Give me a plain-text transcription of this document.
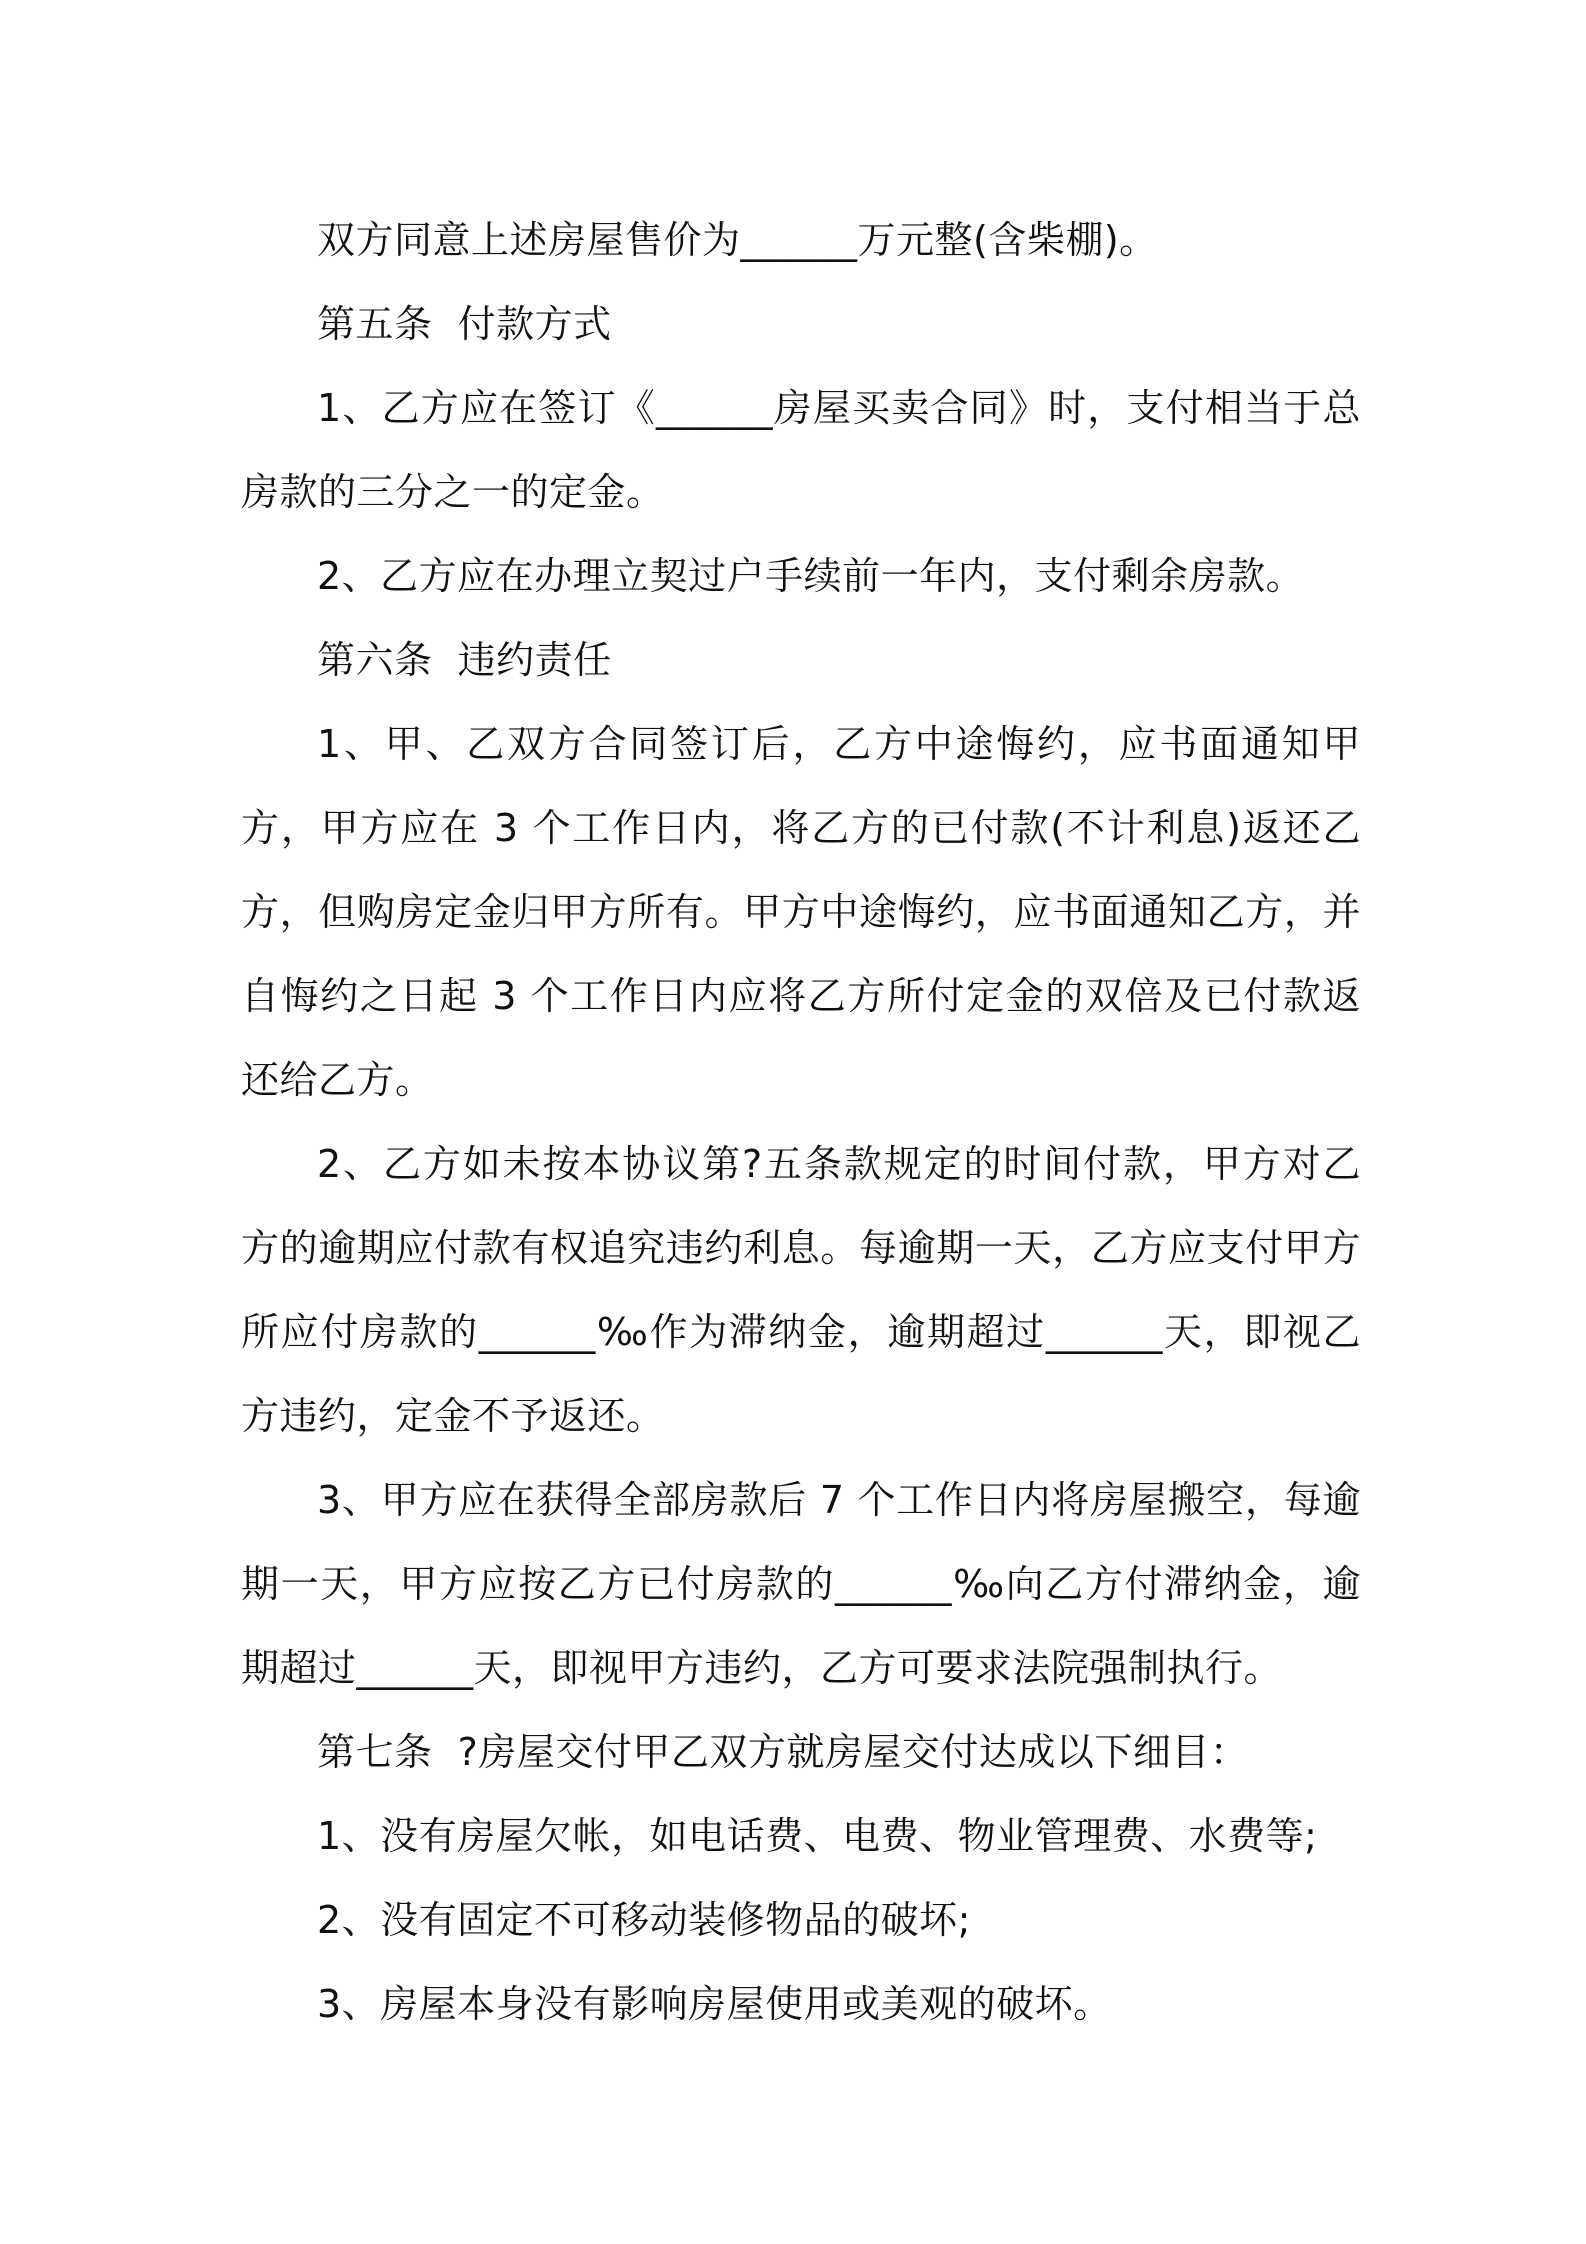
双方同意上述房屋售价为______万元整(含柴棚)。

第五条  付款方式

1、乙方应在签订《______房屋买卖合同》时，支付相当于总房款的三分之一的定金。

2、乙方应在办理立契过户手续前一年内，支付剩余房款。

第六条  违约责任

1、甲、乙双方合同签订后，乙方中途悔约，应书面通知甲方，甲方应在 3 个工作日内，将乙方的已付款(不计利息)返还乙方，但购房定金归甲方所有。甲方中途悔约，应书面通知乙方，并自悔约之日起 3 个工作日内应将乙方所付定金的双倍及已付款返还给乙方。

2、乙方如未按本协议第?五条款规定的时间付款，甲方对乙方的逾期应付款有权追究违约利息。每逾期一天，乙方应支付甲方所应付房款的______‰作为滞纳金，逾期超过______天，即视乙方违约，定金不予返还。

3、甲方应在获得全部房款后 7 个工作日内将房屋搬空，每逾期一天，甲方应按乙方已付房款的______‰向乙方付滞纳金，逾期超过______天，即视甲方违约，乙方可要求法院强制执行。

第七条  ?房屋交付甲乙双方就房屋交付达成以下细目：

1、没有房屋欠帐，如电话费、电费、物业管理费、水费等;

2、没有固定不可移动装修物品的破坏;

3、房屋本身没有影响房屋使用或美观的破坏。
